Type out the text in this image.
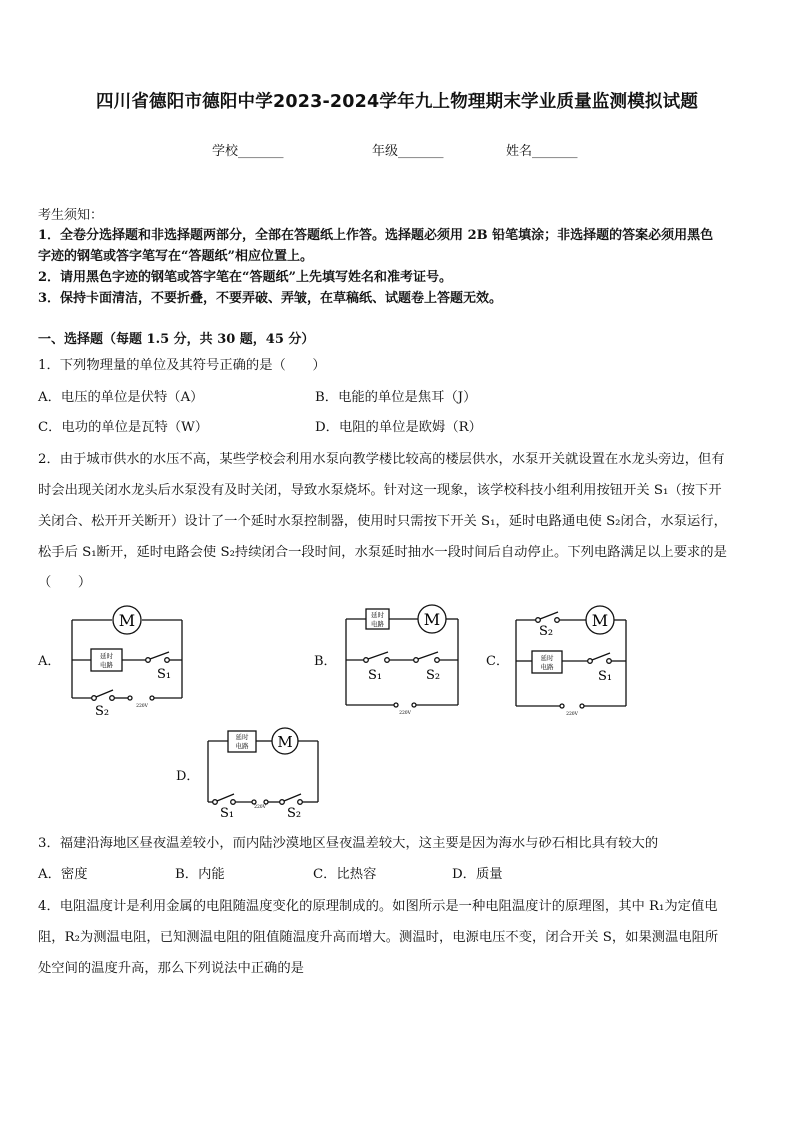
四川省德阳市德阳中学2023-2024学年九上物理期末学业质量监测模拟试题
学校_______	年级_______	姓名_______
考生须知：
1．全卷分选择题和非选择题两部分，全部在答题纸上作答。选择题必须用 2B 铅笔填涂；非选择题的答案必须用黑色
字迹的钢笔或答字笔写在“答题纸”相应位置上。
2．请用黑色字迹的钢笔或答字笔在“答题纸”上先填写姓名和准考证号。
3．保持卡面清洁，不要折叠，不要弄破、弄皱，在草稿纸、试题卷上答题无效。
一、选择题（每题 1.5 分，共 30 题，45 分）
1．下列物理量的单位及其符号正确的是（　　）
A．电压的单位是伏特（A）	B．电能的单位是焦耳（J）
C．电功的单位是瓦特（W）	D．电阻的单位是欧姆（R）
2．由于城市供水的水压不高，某些学校会利用水泵向教学楼比较高的楼层供水，水泵开关就设置在水龙头旁边，但有
时会出现关闭水龙头后水泵没有及时关闭，导致水泵烧坏。针对这一现象，该学校科技小组利用按钮开关 S₁（按下开
关闭合、松开开关断开）设计了一个延时水泵控制器，使用时只需按下开关 S₁，延时电路通电使 S₂闭合，水泵运行，
松手后 S₁断开，延时电路会使 S₂持续闭合一段时间，水泵延时抽水一段时间后自动停止。下列电路满足以上要求的是
（　　）
A．	B．	C．
D．
M
延时
电路
S₁
S₂	220V
延时
电路 M
S₁	S₂
220V
S₂
M
延时
电路
S₁
220V
延时
电路 M
S₁	S₂
220V
3．福建沿海地区昼夜温差较小，而内陆沙漠地区昼夜温差较大，这主要是因为海水与砂石相比具有较大的
A．密度	B．内能	C．比热容	D．质量
4．电阻温度计是利用金属的电阻随温度变化的原理制成的。如图所示是一种电阻温度计的原理图，其中 R₁为定值电
阻，R₂为测温电阻，已知测温电阻的阻值随温度升高而增大。测温时，电源电压不变，闭合开关 S，如果测温电阻所
处空间的温度升高，那么下列说法中正确的是
